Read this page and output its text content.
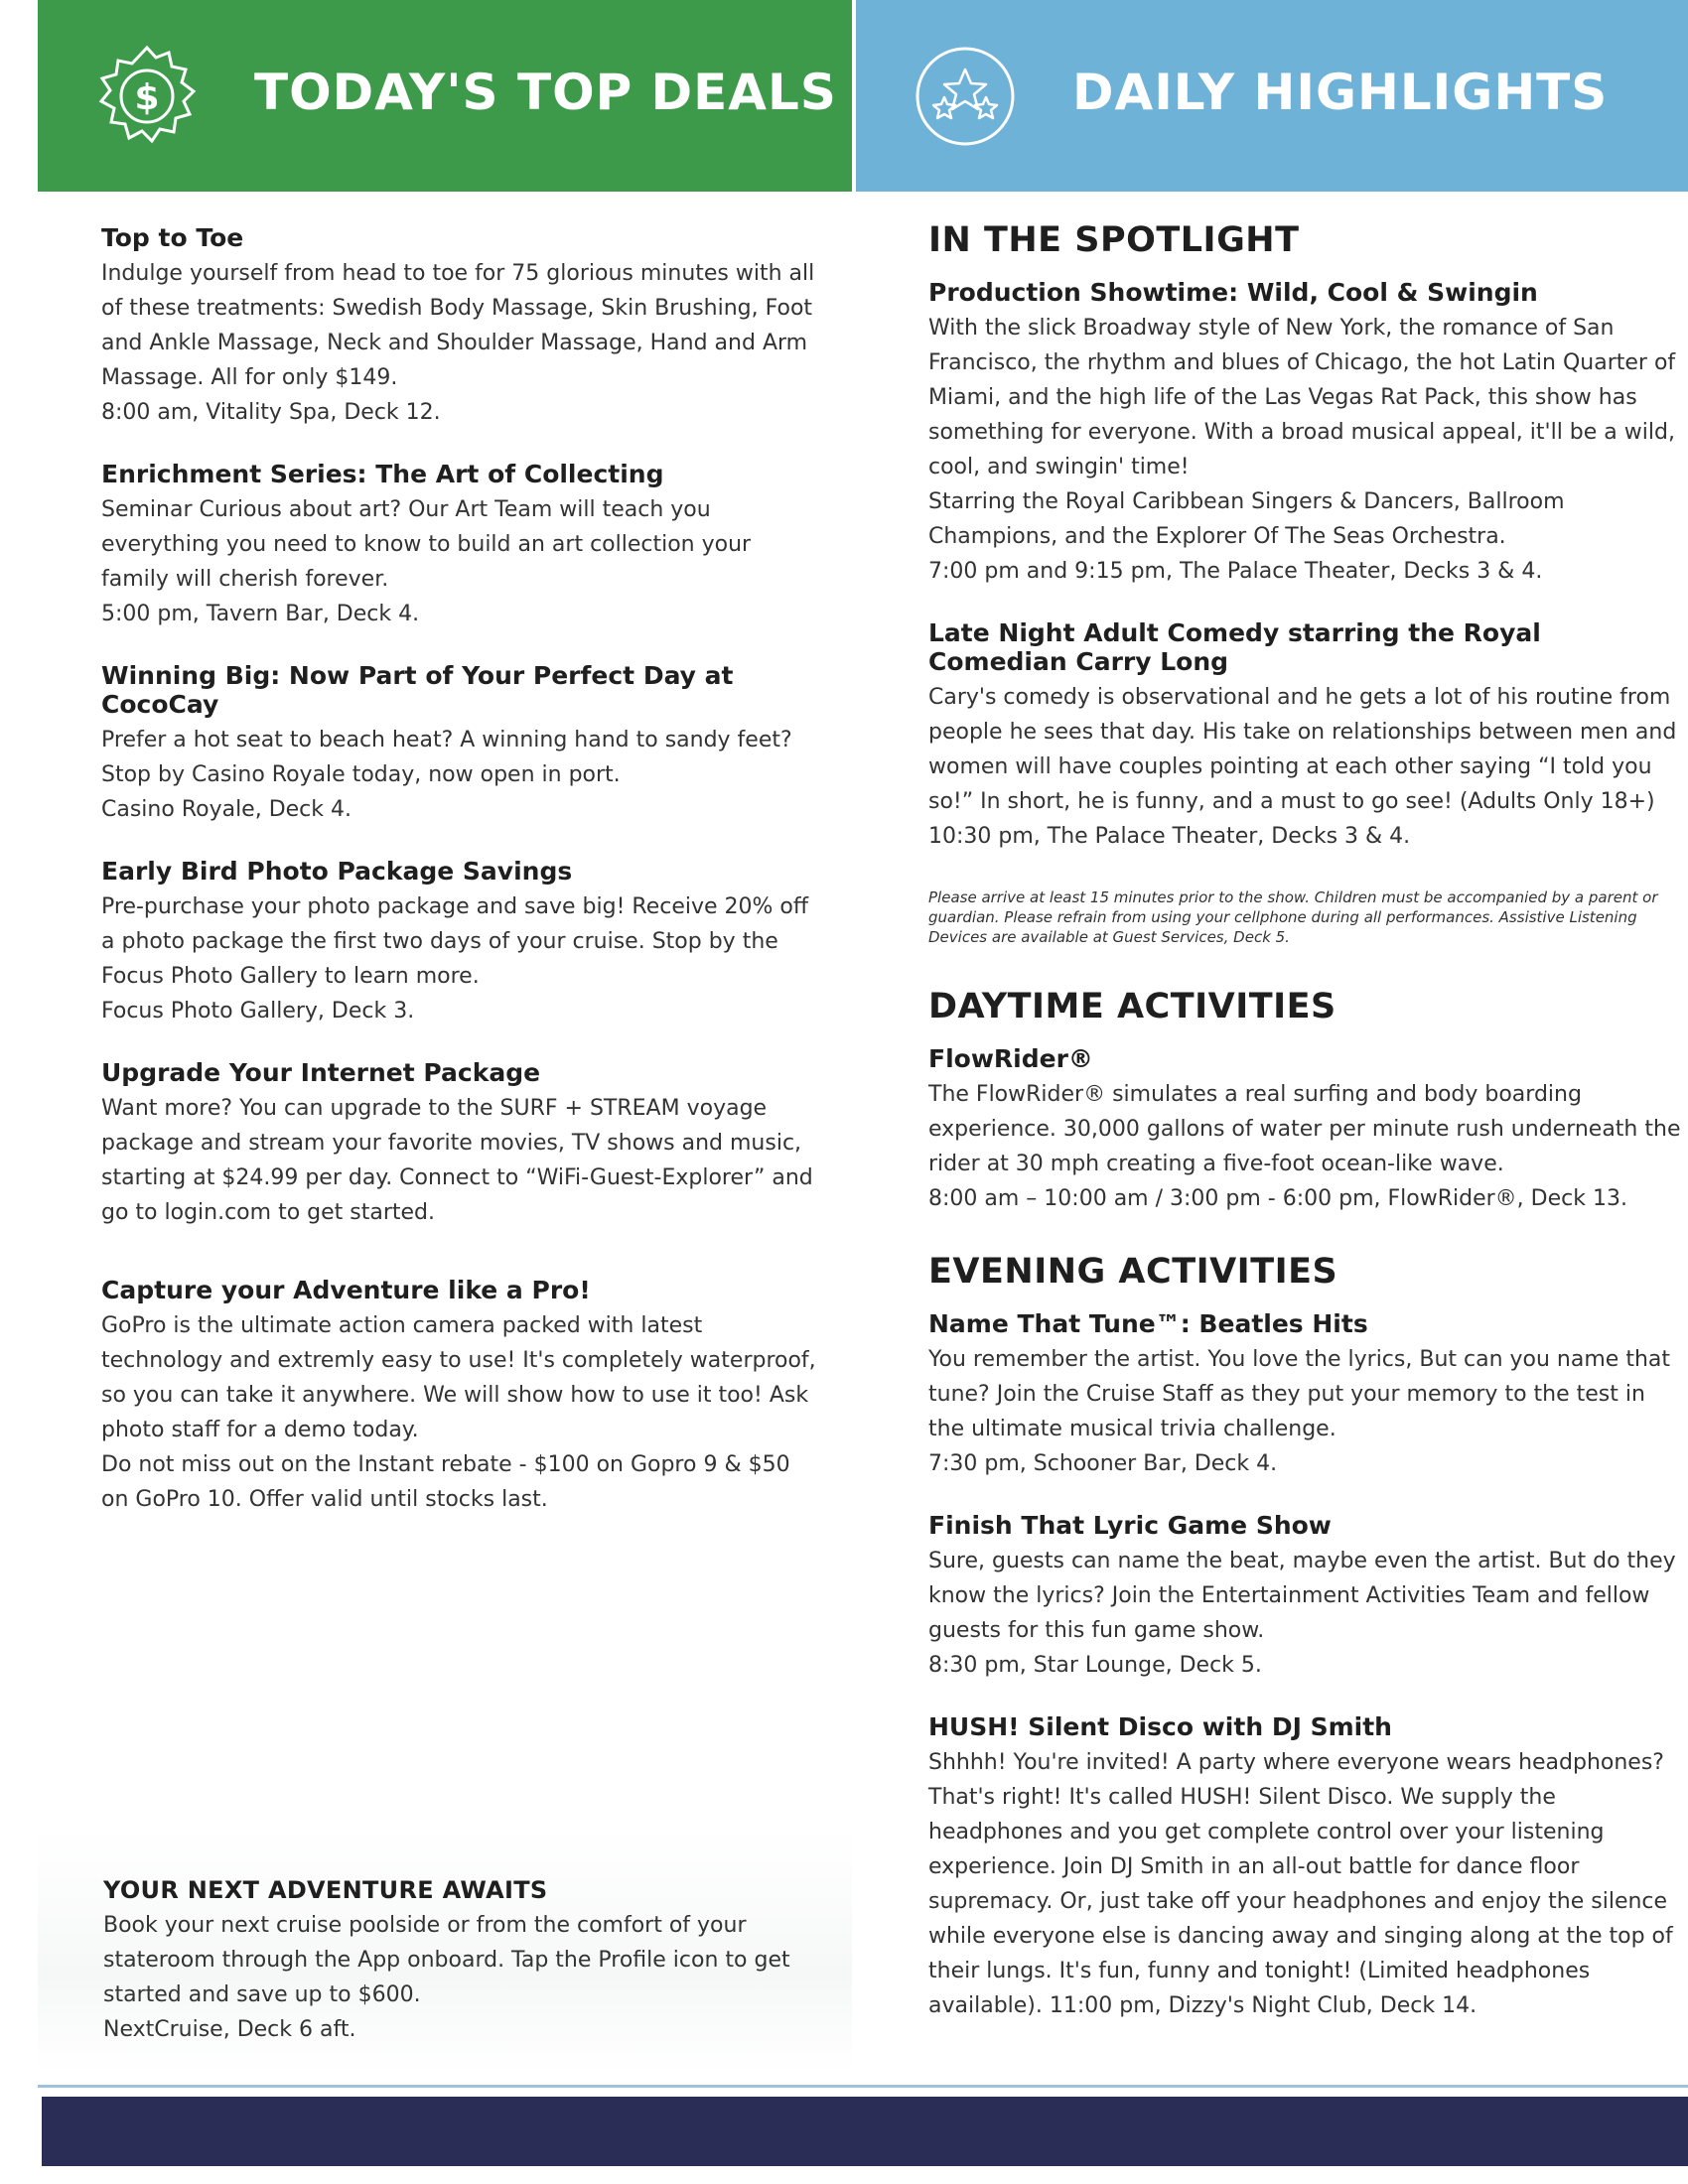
$ TODAY'S TOP DEALS	DAILY HIGHLIGHTS
Top to Toe

Indulge yourself from head to toe for 75 glorious minutes with all of these treatments: Swedish Body Massage, Skin Brushing, Foot and Ankle Massage, Neck and Shoulder Massage, Hand and Arm Massage. All for only $149.
8:00 am, Vitality Spa, Deck 12.

Enrichment Series: The Art of Collecting

Seminar Curious about art? Our Art Team will teach you everything you need to know to build an art collection your family will cherish forever.
5:00 pm, Tavern Bar, Deck 4.

Winning Big: Now Part of Your Perfect Day at CocoCay

Prefer a hot seat to beach heat? A winning hand to sandy feet? Stop by Casino Royale today, now open in port.
Casino Royale, Deck 4.

Early Bird Photo Package Savings

Pre-purchase your photo package and save big! Receive 20% off a photo package the first two days of your cruise. Stop by the Focus Photo Gallery to learn more.
Focus Photo Gallery, Deck 3.

Upgrade Your Internet Package

Want more? You can upgrade to the SURF + STREAM voyage package and stream your favorite movies, TV shows and music, starting at $24.99 per day. Connect to “WiFi-Guest-Explorer” and go to login.com to get started.

Capture your Adventure like a Pro!

GoPro is the ultimate action camera packed with latest technology and extremly easy to use! It's completely waterproof, so you can take it anywhere. We will show how to use it too! Ask photo staff for a demo today.
Do not miss out on the Instant rebate - $100 on Gopro 9 & $50 on GoPro 10. Offer valid until stocks last.

YOUR NEXT ADVENTURE AWAITS

Book your next cruise poolside or from the comfort of your stateroom through the App onboard. Tap the Profile icon to get started and save up to $600.
NextCruise, Deck 6 aft.

IN THE SPOTLIGHT
Production Showtime: Wild, Cool & Swingin

With the slick Broadway style of New York, the romance of San Francisco, the rhythm and blues of Chicago, the hot Latin Quarter of Miami, and the high life of the Las Vegas Rat Pack, this show has something for everyone. With a broad musical appeal, it'll be a wild, cool, and swingin' time!
Starring the Royal Caribbean Singers & Dancers, Ballroom Champions, and the Explorer Of The Seas Orchestra.
7:00 pm and 9:15 pm, The Palace Theater, Decks 3 & 4.

Late Night Adult Comedy starring the Royal Comedian Carry Long

Cary's comedy is observational and he gets a lot of his routine from people he sees that day. His take on relationships between men and women will have couples pointing at each other saying “I told you so!” In short, he is funny, and a must to go see! (Adults Only 18+)
10:30 pm, The Palace Theater, Decks 3 & 4.

Please arrive at least 15 minutes prior to the show. Children must be accompanied by a parent or guardian. Please refrain from using your cellphone during all performances. Assistive Listening Devices are available at Guest Services, Deck 5.

DAYTIME ACTIVITIES
FlowRider®

The FlowRider® simulates a real surfing and body boarding experience. 30,000 gallons of water per minute rush underneath the rider at 30 mph creating a five-foot ocean-like wave.
8:00 am – 10:00 am / 3:00 pm - 6:00 pm, FlowRider®, Deck 13.

EVENING ACTIVITIES
Name That Tune™: Beatles Hits

You remember the artist. You love the lyrics, But can you name that tune? Join the Cruise Staff as they put your memory to the test in the ultimate musical trivia challenge.
7:30 pm, Schooner Bar, Deck 4.

Finish That Lyric Game Show

Sure, guests can name the beat, maybe even the artist. But do they know the lyrics? Join the Entertainment Activities Team and fellow guests for this fun game show.
8:30 pm, Star Lounge, Deck 5.

HUSH! Silent Disco with DJ Smith

Shhhh! You're invited! A party where everyone wears headphones? That's right! It's called HUSH! Silent Disco. We supply the headphones and you get complete control over your listening experience. Join DJ Smith in an all-out battle for dance floor supremacy. Or, just take off your headphones and enjoy the silence while everyone else is dancing away and singing along at the top of their lungs. It's fun, funny and tonight! (Limited headphones available). 11:00 pm, Dizzy's Night Club, Deck 14.
